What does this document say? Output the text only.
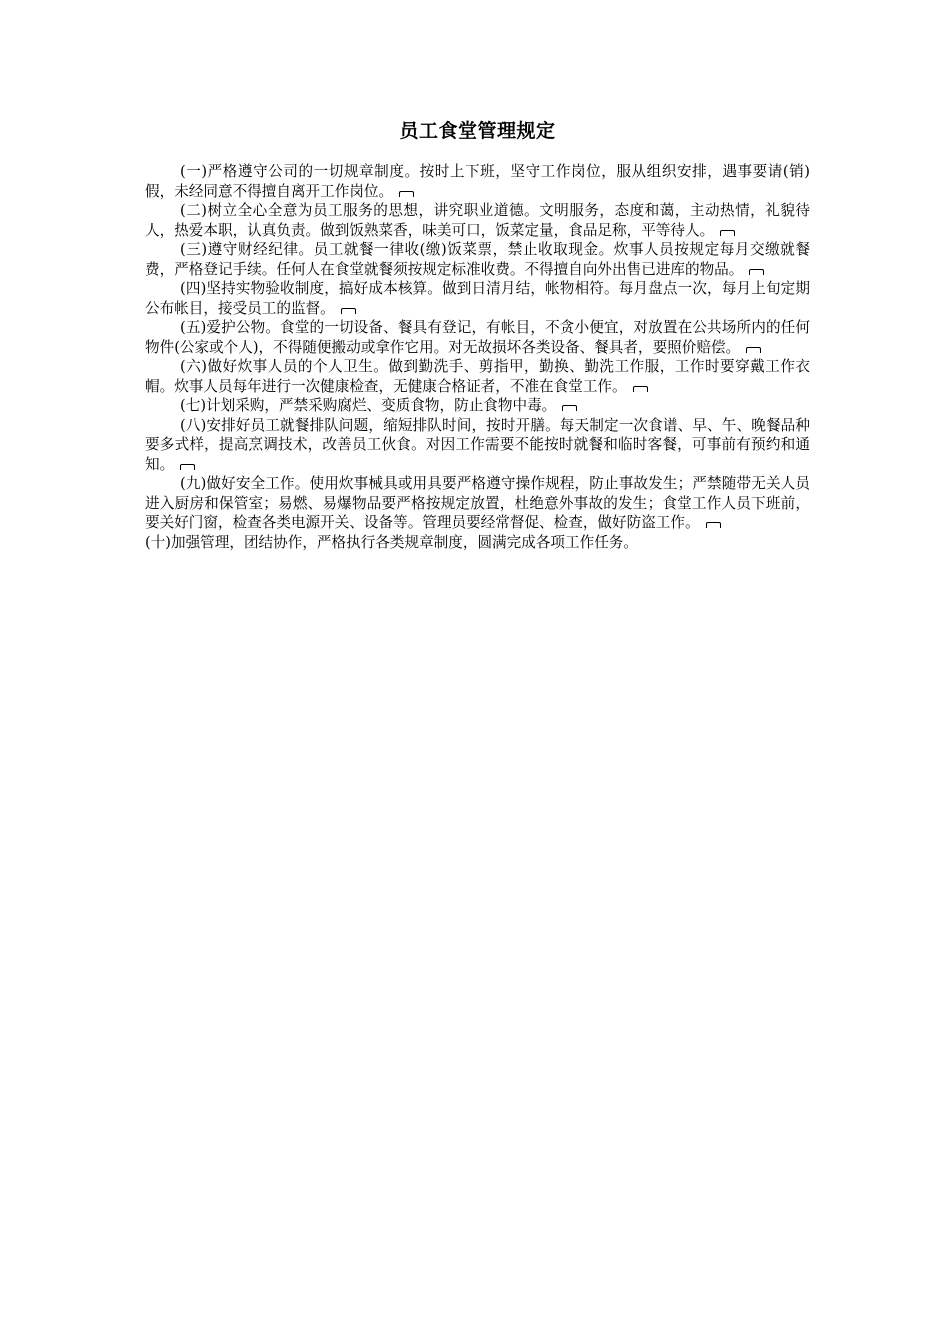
员工食堂管理规定

(一)严格遵守公司的一切规章制度。按时上下班，坚守工作岗位，服从组织安排，遇事要请(销)假，未经同意不得擅自离开工作岗位。

(二)树立全心全意为员工服务的思想，讲究职业道德。文明服务，态度和蔼，主动热情，礼貌待人，热爱本职，认真负责。做到饭熟菜香，味美可口，饭菜定量，食品足称，平等待人。

(三)遵守财经纪律。员工就餐一律收(缴)饭菜票，禁止收取现金。炊事人员按规定每月交缴就餐费，严格登记手续。任何人在食堂就餐须按规定标准收费。不得擅自向外出售已进库的物品。

(四)坚持实物验收制度，搞好成本核算。做到日清月结，帐物相符。每月盘点一次，每月上旬定期公布帐目，接受员工的监督。

(五)爱护公物。食堂的一切设备、餐具有登记，有帐目，不贪小便宜，对放置在公共场所内的任何物件(公家或个人)，不得随便搬动或拿作它用。对无故损坏各类设备、餐具者，要照价赔偿。

(六)做好炊事人员的个人卫生。做到勤洗手、剪指甲，勤换、勤洗工作服，工作时要穿戴工作衣帽。炊事人员每年进行一次健康检查，无健康合格证者，不准在食堂工作。

(七)计划采购，严禁采购腐烂、变质食物，防止食物中毒。

(八)安排好员工就餐排队问题，缩短排队时间，按时开膳。每天制定一次食谱、早、午、晚餐品种要多式样，提高烹调技术，改善员工伙食。对因工作需要不能按时就餐和临时客餐，可事前有预约和通知。

(九)做好安全工作。使用炊事械具或用具要严格遵守操作规程，防止事故发生；严禁随带无关人员进入厨房和保管室；易燃、易爆物品要严格按规定放置，杜绝意外事故的发生；食堂工作人员下班前，要关好门窗，检查各类电源开关、设备等。管理员要经常督促、检查，做好防盗工作。

(十)加强管理，团结协作，严格执行各类规章制度，圆满完成各项工作任务。
